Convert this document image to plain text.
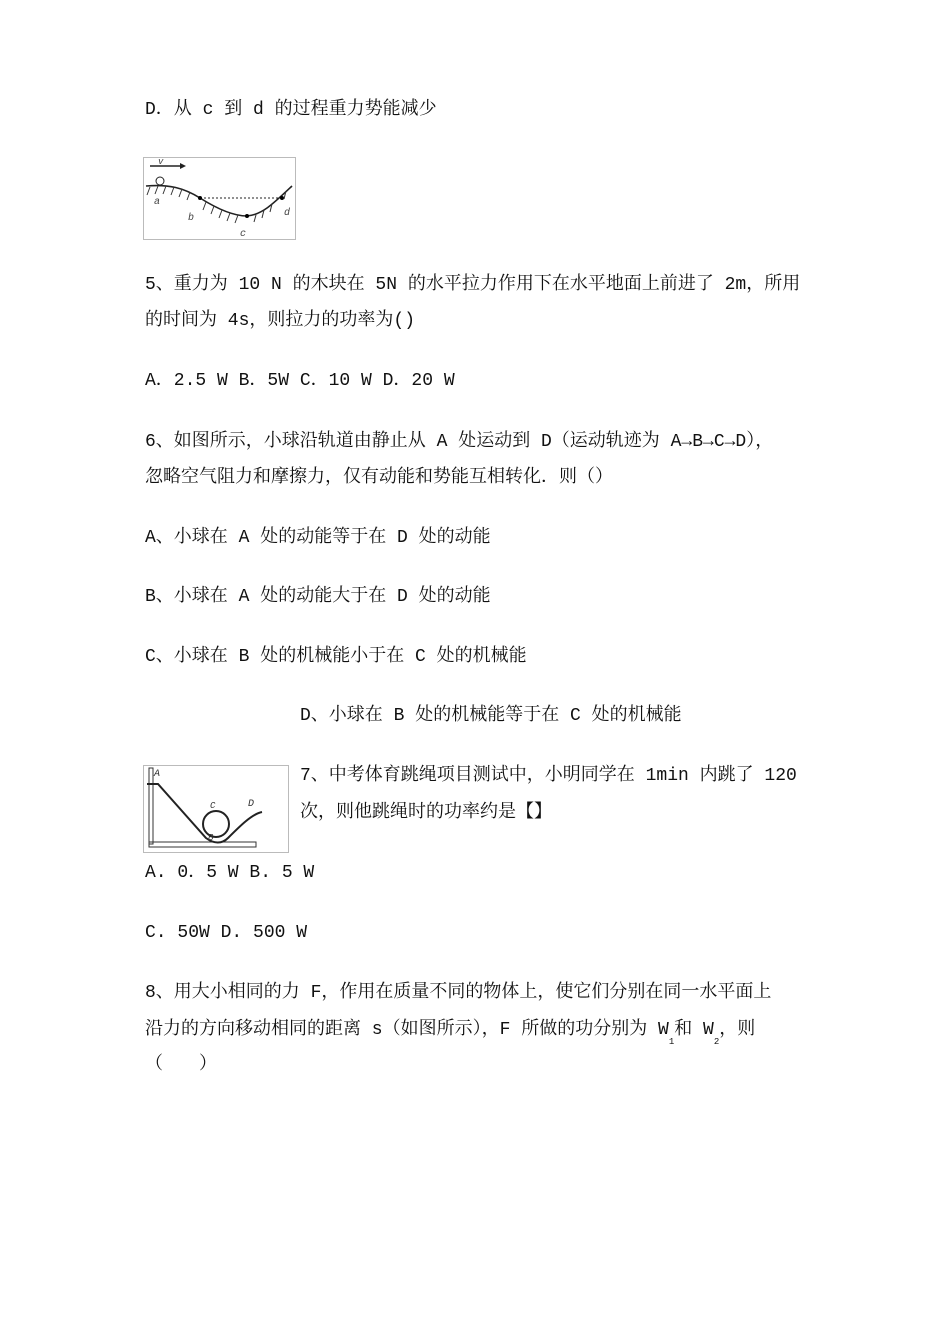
D．从 c 到 d 的过程重力势能减少
v
a
b
c
d
5、重力为 10 N 的木块在 5N 的水平拉力作用下在水平地面上前进了 2m，所用
的时间为 4s，则拉力的功率为()
A．2.5 W B．5W C．10 W D．20 W
6、如图所示，小球沿轨道由静止从 A 处运动到 D（运动轨迹为 A→B→C→D），
忽略空气阻力和摩擦力，仅有动能和势能互相转化．则（）
A、小球在 A 处的动能等于在 D 处的动能
B、小球在 A 处的动能大于在 D 处的动能
C、小球在 B 处的机械能小于在 C 处的机械能
D、小球在 B 处的机械能等于在 C 处的机械能
A
B
C	D
7、中考体育跳绳项目测试中，小明同学在 1min 内跳了 120
次，则他跳绳时的功率约是【】
A. 0．5 W B. 5 W
C. 50W D. 500 W
8、用大小相同的力 F，作用在质量不同的物体上，使它们分别在同一水平面上
沿力的方向移动相同的距离 s（如图所示），F 所做的功分别为 $W_1$和 $W_2$，则
（　　）
